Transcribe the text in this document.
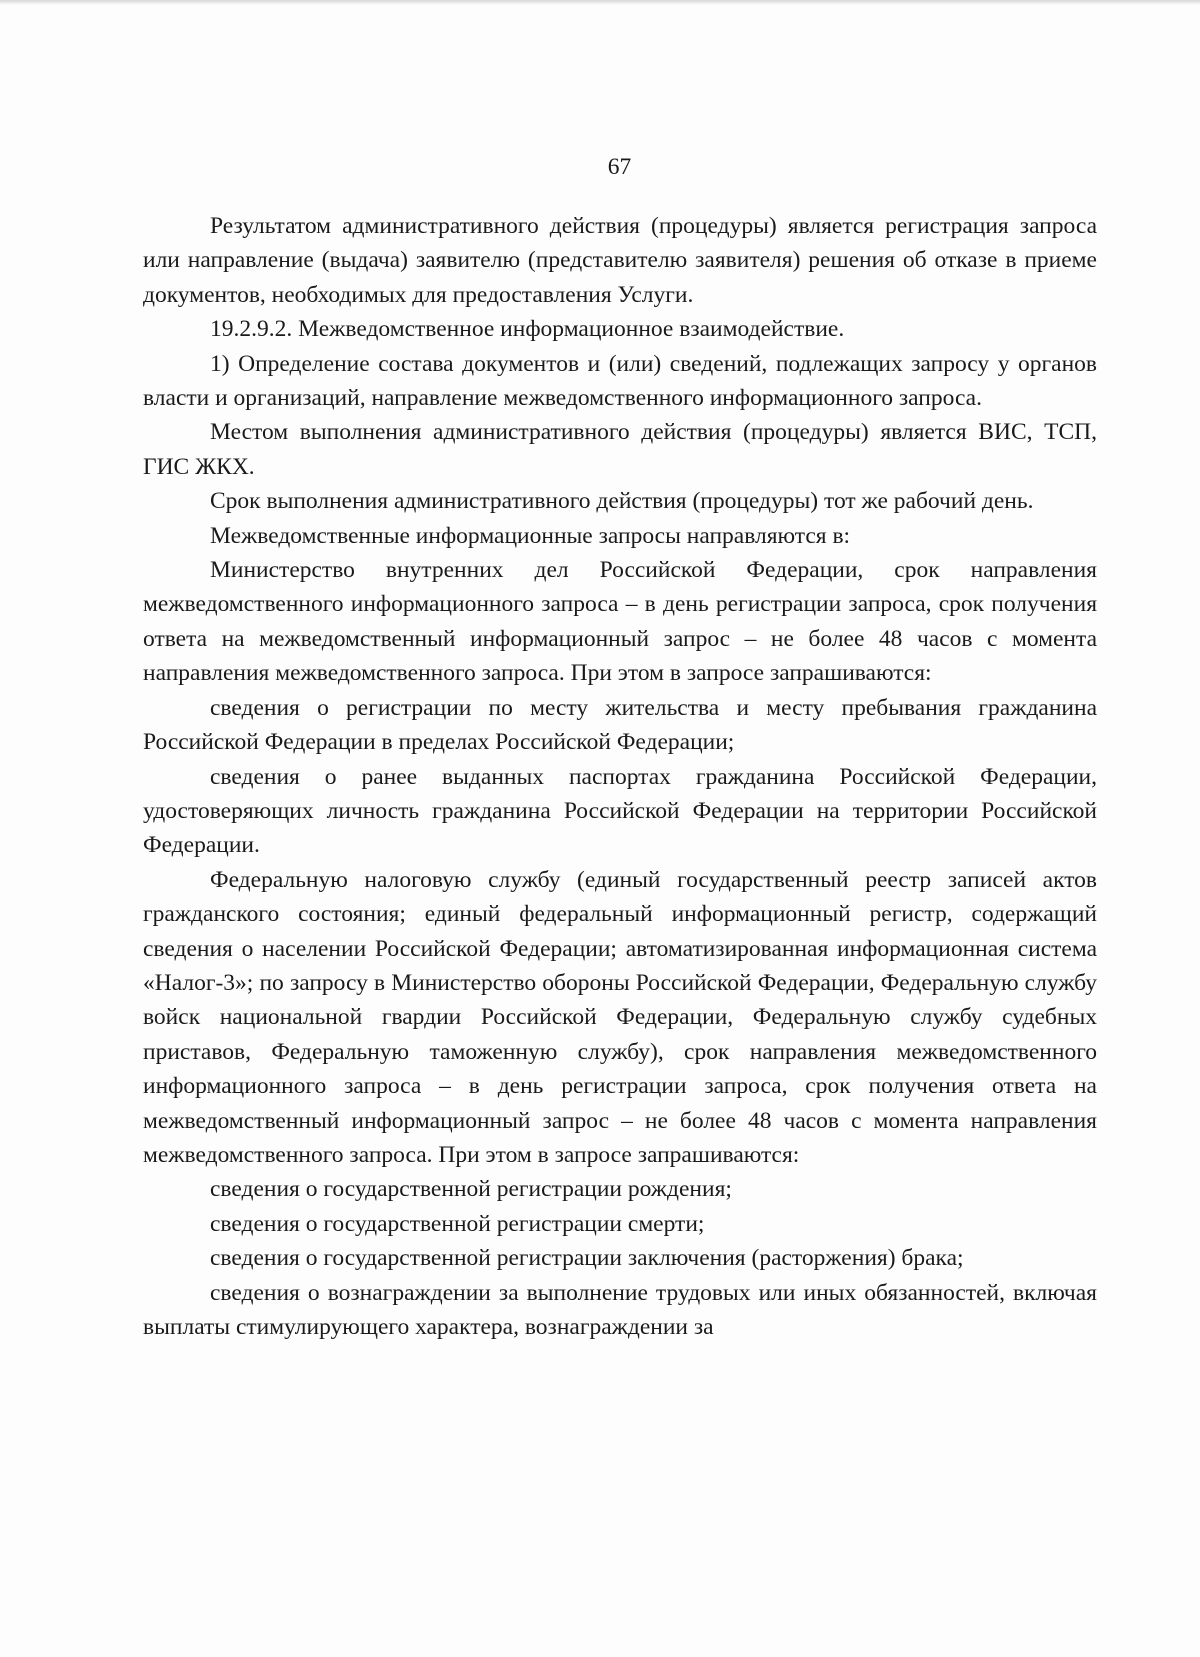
67

Результатом административного действия (процедуры) является регистрация запроса или направление (выдача) заявителю (представителю заявителя) решения об отказе в приеме документов, необходимых для предоставления Услуги.

19.2.9.2. Межведомственное информационное взаимодействие.

1) Определение состава документов и (или) сведений, подлежащих запросу у органов власти и организаций, направление межведомственного информационного запроса.

Местом выполнения административного действия (процедуры) является ВИС, ТСП, ГИС ЖКХ.

Срок выполнения административного действия (процедуры) тот же рабочий день.

Межведомственные информационные запросы направляются в:

Министерство внутренних дел Российской Федерации, срок направления межведомственного информационного запроса – в день регистрации запроса, срок получения ответа на межведомственный информационный запрос – не более 48 часов с момента направления межведомственного запроса. При этом в запросе запрашиваются:

сведения о регистрации по месту жительства и месту пребывания гражданина Российской Федерации в пределах Российской Федерации;

сведения о ранее выданных паспортах гражданина Российской Федерации, удостоверяющих личность гражданина Российской Федерации на территории Российской Федерации.

Федеральную налоговую службу (единый государственный реестр записей актов гражданского состояния; единый федеральный информационный регистр, содержащий сведения о населении Российской Федерации; автоматизированная информационная система «Налог-3»; по запросу в Министерство обороны Российской Федерации, Федеральную службу войск национальной гвардии Российской Федерации, Федеральную службу судебных приставов, Федеральную таможенную службу), срок направления межведомственного информационного запроса – в день регистрации запроса, срок получения ответа на межведомственный информационный запрос – не более 48 часов с момента направления межведомственного запроса. При этом в запросе запрашиваются:

сведения о государственной регистрации рождения;

сведения о государственной регистрации смерти;

сведения о государственной регистрации заключения (расторжения) брака;

сведения о вознаграждении за выполнение трудовых или иных обязанностей, включая выплаты стимулирующего характера, вознаграждении за
